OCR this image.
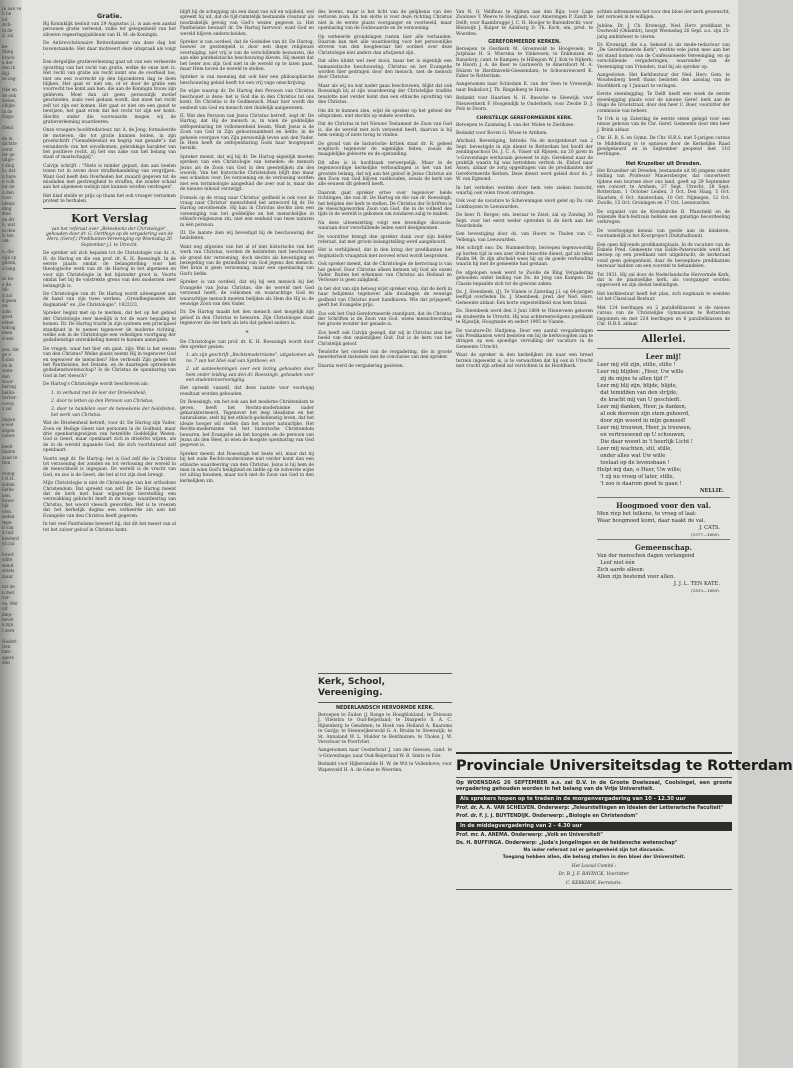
Je aan ve
n be
nd
zich-
in de
d, zal

ke-
rking
krach-
e der
den in
Bijl-
ze zag-

rike en
de ook
zielen,
ollijke
in de
rings-

rbeid

de in
dichtte
cerst
ter ge
uitge-
t dinij
la, dat
n hare
e volk
lar de
n den
voor-
idenis
ding
sten
en dit
h, wat
in den
is ten
om-

n, die
dijk op
gheim,
d lang

ar he-
e de
Mi-
d zal
d geen
en:
zakt
goed
elden
wdrag
enen
d een

zou, dat
ge e
h dan
en in
wete-
den
woor-
bering
hellin-
verber-
voorp
z zal

lingen
e wel
zegen
uaten-

heelt
faiden
zaan te
tien

reinig
t H.H.
zullen
liefde
nen.
huwe-
lijk
elen.
seden
tege-
d van
d tuif
krederd
yn zul

huwd
wilte
wend
zetels
maar

rat de
n met
ver-
en, Wel
uit
diep-
bevel
e zijn
t zere

Nederl
tien
fam-
agers
den
Gratie.

Bij Koninklijk besluit van 29 Augustus j.l. is aan een aantal personen gratie verleend, zulks ter gelegenheid van het zilveren regeeringsjubileum van H. M. de Koningin.

De Antirevolutionaire Rotterdammer van deze dag het bovenstaande. Het daar motiveert deze uitspraak als volgt :

Een dergelijke gratieverleening gaat uit van een verkeerde opvatting van het recht van gratie, welke de onze niet is. Het recht van gratie als recht komt ons de overheid toe, niet om een voorrecht op den bijzonderen dag te doen blijken. Het gaat er niet om, of er door de gratie een voorrecht toe komt aan hen, die aan de Koningin trouw zijn gebleven. Moet dan uit geen persoonlijk motief geschieden, zoals veel gedaan wordt, dan moet het recht zelf tot zijn eer komen. Het gaat er niet om een gunst te bewijzen, het gaat erom dat het recht tot zijn eer komt. Slechts onder die voorwaarde mogen wij de gratieverleening waardeeren.

Onze vroegere hoofdredacteur, mr. A. de Jong, formuleerde de motieven, die tot gratie kunnen leiden, in zijn proefschrift ("Genadebesluit en begrip van genade"): dat veranderde van het onvolkomen, gebrekkige karakter van het positieve recht, zij het ons zake van het belang van staat of maatschappij".

Calvijn schrijft : "Niets is minder gepast, dan aan beelen tonen tot in zeven door strafbehandeling van vergrijpen. Want God heeft den Overheden het zwaard gegeven tot de misdaden met gestrengheid te straffen, die zonder schaal aan het algemeen welzijn niet kunnen worden verdragen".

Het blad stelde er prijs op thans het ook vroeger vernomen protest te herhalen.

Kort Verslag

van het referaat over „Beteekenis der Christologie", gehouden door dr. G. Oorthuys op de vergadering van de Herv. (Geref.) Predikanten-Vereeniging op Woensdag 26 September j.l. te Utrecht.

De spreker wil zich bepalen tot de Christologie van dr. A. H. de Hartog en die van prof. dr. K. H. Roessingh. In de eerste plaats omdat de belangstelling voor het theologische werk van dr. de Hartog in het algemeen en voor zijn Christologie in het bijzonder groot is. Voorts omdat het bij de volstrekte grens van den modernen zeer belangrijk is.

De Christologie van dr. De Hartog wordt uiteengezet aan de hand van zijn twee werken: „Grondbeginselen der dogmatiek" en „De Christologie", 1922/23.

Spreker begint met op te merken, dat het op het gebied der Christologie zeer moeilijk is tot de ware bepaling te komen. Dr. De Hartog tracht in zijn systeem een principieel standpunt in te nemen tegenover de moderne richting, welke ook in de Christologie een volledigen voortgang der godsdienstige ontwikkeling meent te kunnen aanwijzen.

De vragen, waar het hier om gaat, zijn: Wat is het wezen van den Christus? Welke plaats neemt Hij in tegenover God en tegenover de menschen? Hoe verhoudt Zijn geheel tot het Pantheïsme, het Deïsme, en de daartegen optredende godsdienstwetenschap? Is de Christus de openbaring van God in het vleesch?

De Hartog's Christologie wordt beschreven als:

1. in verband met de leer der Drieëenheid;

2. door te letten op den Persoon van Christus;

3. door te handelen over de beteekenis der heilsfeiten, het werk van Christus.

Wat de Drieëenheid betreft, voor dr. De Hartog zijn Vader, Zoon en Heilige Geest niet personen in de Godheid, maar drie openbaringswijzen van hetzelfde Goddelijke Wezen. God is Geest, maar openbaart zich in drieërlei wijzen, als de in de wereld ingaande God, die zich voortdurend zelf openbaart.

Voorts zegt dr. De Hartog: het is God zelf die in Christus tot verzoening der zonden en tot verlossing der wereld in de menschheid is ingegaan. De wereld is de vrucht van God, en zoo is de Geest, die het al tot zijn doel brengt.

Mijn Christologie is niet de Christologie van het orthodoxe Christendom. Dat spreekt van zelf. Dr. De Hartog meent dat de kerk met haar wijsgeerige leerstelling een verzwakking gebracht heeft in de hooge waardeering van Christus, het woord vleesch geworden. Het is te vreezen dat het kerkelijk dogma een verkeerde zin aan het Evangelie van den Christus heeft gegeven.

In het veel Pantheïsme beweert hij, dat dit het meest van al tot het zuiver geloof in Christus komt.

blijft hij de schepping als een daad van wil en wijsheid, wel spreekt hij uit, dat de tijd-ruimtelijk bestaande creatuur als noodzakelijk gevolg van God's wezen gegeven is. Het Pantheïsme bewaart dr. De Hartog hiervoor: want God en wereld blijven onderscheiden.

Spreker is van oordeel, dat de Godsidee van dr. De Hartog, hoewel ze gestempeld is door een diepe religieuze overtuiging, niet vrij is van de verschillende bezwaren, die aan elke pantheïstische beschouwing kleven. Hij meent dat het beter zou zijn God niet in de wereld op te laten gaan, maar Hem boven de wereld te stellen.

Spreker is van meening dat ook hier een philosophische beschouwing geleid heeft tot een vrij vage omschrijving.

De wijze waarop dr. De Hartog den Persoon van Christus beschouwt is deze: het is God die in den Christus tot ons komt. De Christus is de Godmensch. Maar hier wordt die eenheid van God en mensch niet duidelijk aangewezen.

II. Wat den Persoon van Jezus Christus betreft, zegt dr. De Hartog, dat Hij de mensch is, in wien de goddelijke zelfopenbaring tot volkomenheid kwam. Want Jezus is de Zoon van God in Zijn gehoorzaamheid en liefde, in de geheele overgave van Zijn persoonlijk leven aan den Vader. In Hem heeft de zelfopenbaring Gods haar hoogtepunt bereikt.

Spreker meent, dat wij bij dr. De Hartog eigenlijk moeten spreken van een Christologie van beneden: de mensch Jezus als de Zoon van God in den geestelijken zin des woords. Van het historische Christendom blijft dan maar een schaduw over. De verzoening en de verlossing worden met een terminologie aangeduid die zeer oud is, maar die de nieuwe inhoud verzwijgt.

Evenals op de vraag naar Christus' godheid is ook voor de vraag naar Christus' menschheid het antwoord bij dr. De Hartog onvoldoende. Hij kan in Christus slechts zien een vereeniging van het goddelijke en het menschelijke in ethisch-religieuzen zin, niet een eenheid van twee naturen in één persoon.

III. De laatste zien wij bevestigd bij de beschouwing der heilsfeiten.

Want nog afgezien van het al of niet historische van het werk van Christus, worden de heilsfeiten niet beschouwd als grond der verzoening, doch slechts als bevestiging en bezegeling van de gezindheid van God jegens den mensch. Het kruis is geen verzoening, maar een openbaring van God's liefde.

Spreker is van oordeel, dat wij bij een mensch bij het Evangelie van Jezus Christus, die de wereld met God verzoend heeft, de volkomen en waarachtige God en waarachtige mensch moeten belijden als Hem die Hij is: de eeuwige Zoon van den Vader.

Dr. De Hartog maakt het den mensch niet mogelijk zijn geloof in den Christus te bewaren. Zijn Christologie staat tegenover die der kerk als iets dat geheel anders is.

*

De Christologie van prof. dr. K. H. Roessingh wordt door den spreker gezien:

1. als zijn geschrift „Rechtsmodernisme", uitgekomen als no. 7 van het Ideë oud van Synthese; en

2. uit aanteekeningen over een lezing gehouden door hem onder leiding van den dr. Roessingh, gehouden voor een studentenvereeniging.

Het spreekt vanzelf, dat deze laatste voor voorlopig resultaat worden gehouden.

Dr. Roessingh, om het ook aan het moderne Christendom te geven, heeft het Rechts-modernisme nader gekarakteriseerd. Tegenover het leeg idealisme en het naturalisme, stelt hij het ethisch-godsdienstig leven, dat het ideale hooger wil stellen dan het louter natuurlijke. Het Rechts-modernisme wil het historische Christendom bewaren, het Evangelie als het hoogste, en de persoon van Jezus als den Heer, in wien de hoogste openbaring van God gegeven is.

Spreker meent, dat Roessingh het beste wil, maar dat hij bij het oude Rechts-modernisme niet verder komt dan een ethische waardeering van den Christus. Jezus is bij hem de man in wien God's heiligheid en liefde op de zuiverste wijze tot uiting kwamen, maar toch niet de Zoon van God in den kerkelijken zin.

des levens, maar is het licht van de gelijkenis van den verloren zoon. En ten slotte is voor deze richting Christus niet in de eerste plaats voorganger en voorbeeld, maar openbaring van de Godswaarde en de verzoening.

Op verkeerde grondslagen rusten hier alle verbanden. Daarom kan met alle waardeering voor het persoonlijke streven van den hoogleeraar het oordeel over deze Christologie niet anders dan afwijzend zijn.

Dat alles klinkt wel zeer mooi, maar het is eigenlijk een humanistische beschouwing. Christus en het Evangelie worden hier gedragen door den mensch, niet de mensch door Christus.

Maar als wij nu wat nader gaan beschouwen, blijkt dat ook Roessingh bij al zijn waardeering der Christelijke traditie tenslotte niet verder komt dan een ethische opvatting van den Christus.

Om dit te kunnen zien, wijst de spreker op het geheel der uitspraken, niet slechts op enkele woorden.

Dat de Christus in het Nieuwe Testament de Zoon van God is, die de wereld met zich verzoend heeft, daarvan is bij hem weinig of niets terug te vinden.

De grond van de historische kritiek staat dr. R. geheel sceptisch tegenover de eigenlijke feiten, zooals de maagdelijke geboorte en de opstanding.

Dit alles is in hoofdzaak verwerpelijk. Maar in de tegenwoordige kerkelijke verhoudingen is het van het grootste belang, dat wij aan het geloof in Jezus Christus als den Zoon van God blijven vasthouden, zooals de kerk van alle eeuwen dit geleerd heeft.

Daarom gaat spreker ertoe over tegenover beide richtingen, die van dr. De Hartog en die van dr. Roessingh, het belijden der kerk te stellen. De Christus der Schriften is de vleeschgeworden Zoon van God, die in de volheid des tijds in de wereld is gekomen om zondaren zalig te maken.

Na deze uiteenzetting volgt een levendige discussie, waaraan door verschillende leden werd deelgenomen.

De voorzitter brengt den spreker dank voor zijn helder referaat, dat met groote belangstelling werd aangehoord.

Het is verblijdend, dat in den kring der predikanten het dogmatisch vraagstuk met zooveel ernst wordt besproken.

Ook spreker meent, dat de Christologie de kernvraag is van het geloof. Door Christus alleen kennen wij God als onzen Vader. Buiten het erkennen van Christus als Heiland en Verlosser is geen zaligheid.

In het slot van zijn betoog wijst spreker erop, dat de kerk in haar belijdenis tegenover alle dwalingen de eeuwige godheid van Christus moet handhaven. Wie dat prijsgeeft, geeft het Evangelie prijs.

Zoo ook het Oud-Gereformeerde standpunt, dat de Christus der Schriften is de Zoon van God, wiens menschwording het groote wonder der genade is.

Zoo heeft ook Calvijn gezegd, dat wij in Christus zien het beeld van den onzienlijken God. Dat is de kern van het Christelijk geloof.

Tenslotte het oordeel van de vergadering, die in groote meerderheid instemde met de conclusies van den spreker.

Daarna werd de vergadering gesloten.

Kerk, School, Vereeniging.
NEDERLANDSCH HERVORMDE KERK.

Beroepen te Zuilen (J. Ronge te Hoogblokland; te Driesum J. Vlietstra te Oud-Beijerland; te Dinxperlo S. A. C. Rijnenberg te Gendeten; te Hoek van Holland A. Baarsma te Garijp; te Steenwijkerwold G. A. Bruins te Steenwijk; te St. Annaland W. L. Mulder te Benthuizen; te Tholen J. W. Verschoor te Poortvliet.

Aangenomen naar Oosterhout J. van der Giessen, cand. te 's-Gravenhage; naar Oud-Beijerland W. B. Smits te Ede.

Bedankt voor Hijkersmilde H. W. de Wit te Vollenhove; voor Wapenveld H. A. de Geus te Woerden.

Van N. O. Veldhuis te Alphen aan den Rijn; voor Lage Zwaluwe T. Weeve te Hoogland; voor Amerongen P. Zandt te Delft; voor Baambrugge J. C. H. Hooijer te Barendrecht; voor Bleiswijk J. Kuiper te Aalsburg D. Th. Koch, em. pred. te Woerden.

GEREFORMEERDE KERKEN.

Beroepen te Oostkerk M. Groenwold te Hoogeveen; te Jutphaas H. S. Wiersma te Vinkeveen; te Enkhuizen en Ransdorp, cand. te Kampen; te Hillegom W. J. Kok te Nijkerk; te Hoorn J. A. de Boer te Garnwerd; te Amersfoort M. A. Huizen te Hardinxveld-Giessendam; te Schoonrewoerd K. Faber te Rotterdam.

Aangenomen naar Schiedam K. van der Veen te Vreeswijk; naar Buiksloot J. Th. Ringelberg te Haren.

Bedankt voor Haarlem N. H. Bussche te Sleewijk; voor Nieuwerkerk F. Hoogendijk te Ouderkerk; voor Zwolle D. J. Pols te Doorn.

CHRISTELIJK GEREFORMEERDE KERK.

Beroepen te Zaamslag S. van der Molen te Zierikzee.

Bedankt voor Boven G. Wisse te Arnhem.

Afscheid, Bevestiging, Intrede. Na de morgenbeurt van 2 Sept. bevestigde in zijn dienst te Rotterdam het hoofd der zendingsschool Ds. J. C. A. Visser uit Rijssen, na 20 jaren in 's-Gravenhage werkzaam geweest te zijn. Gerekend naar de praktijk waarin hij was betrokken vertrok ds. Elshof naar Assen, aldaar de zorg opgedragen van de predikanten der Gereformeerde Kerken. Deze dienst werd geleid door ds. J. W. van Egmond.

In het verleden werden door hem vele zieken bezocht, waarbij ook velen troost ontvingen.

Ook voor de vacature te Scheveningen werd gelet op Ds. van Lonkhuyzen te Leeuwarden.

De heer D. Berger, em. leeraar te Zeist, zal op Zondag 30 Sept. voor het eerst weder optreden in de kerk aan het Noordeinde.

Een bevestiging door ds. van Hoorn te Tholen van C. Vellenga, van Leeuwarden.

Met schrijft ons: Ds. Nummerdorp, beroepen tegenwoordig op korten tijd in een zeer druk bezochte dienst, gaf als tekst Psalm 84. In zijn afscheid wees hij op de goede verhouding waarin hij met de gemeente had gestaan.

De afgelopen week werd te Zwolle de Ring Vergadering gehouden onder leiding van Ds. de Jong van Kampen. De Classis bepaalde zich tot de gewone zaken.

Ds. J. Steenbeek, (J). Te Vianen is Zaterdag j.l. op 64-jarigen leeftijd overleden Ds. J. Steenbeek, pred. der Ned. Herv. Gemeente aldaar. Een korte ongesteldheid was hem fataal.

Ds. Steenbeek werd den 3 Juni 1864 te Nieuwveen geboren en studeerde te Utrecht. Hij was achtereenvolgens predikant te Rijswijk, Hoogmade en sedert 1905 te Vianen.

De vacature-Dr. Haitjema. Door een aantal vergaderingen van Predikanten werd besloten om bij de kerkvoogden aan te dringen op een spoedige vervulling der vacature in de Gemeente Utrecht.

Waar de spreker in den kerkelijken zin naar een breed terrein ingewerkt is, is te verwachten dat hij ook in Utrecht met vrucht zijn arbeid zal verrichten in de Hoofdkerk.

achten adressanten het voor den bloei der kerk gewenscht, het verzoek in te willigen.

Jubilea. Dr. J. Ch. Kromsigt, Ned. Herv. predikant te Oostwold (Oldambt), hoopt Woensdag 26 Sept. a.s. zijn 25-jarig ambtsfeest te vieren.

Dr. Kromsigt, die o.a. bekend is als mede-redacteur van „De Gereformeerde Kerk", werkte vele jaren mee aan het tot stand komen van de Confessioneele Vereeniging, en op verschillende vergaderingen, waaronder van de Vereeniging van Vrienden, trad hij als spreker op.

Aangesloten. Het Kerkbestuur der Ned. Herv. Gem. te Woudenberg heeft thans besloten den aanslag van de Hoofdkerk op 1 Januari te verlagen.

Eerste steenlegging. Te Delft heeft een week de eerste steenlegging plaats voor de nieuwe Geref. kerk aan de Hugo de Grootstraat, door den heer C. Boer, voorzitter der commissie van beheer.

Te Urk is op Zaterdag de eerste steen gelegd voor een nieuw gebouw van de Chr. Geref. Gemeente door den heer J. Brink aldaar.

Chr. H. B. S. en Gymn. De Chr. H.B.S. met 5-jarigen cursus te Middelburg is te opnieuw door de Kerkelijke Raad goedgekeurd en in September geopend met 110 leerlingen.

Het Kruzeiber uit Dresden.

Het Kruzeiber uit Dresden, bestaande uit 80 jongens onder leiding van Professor Mauersberger, dat concerteert tijdens een tournee door ons land, geeft op 29 September een concert te Arnhem, 27 Sept. Utrecht, 28 Sept. Rotterdam, 1 October Leiden, 3 Oct. Den Haag, 5 Oct. Haarlem, 6 Oct. Amsterdam, 10 Oct. Nijmegen, 12 Oct. Zwolle, 15 Oct. Groningen en 17 Oct. Leeuwarden.

De organist van de Kreuzkirche B. Pfanstiehl en de reizende Bach-festivals hebben een gunstige beoordeeling verkregen.

De voorloopige kennis van goede aan de kinderen, voornamelijk is het Koorproject (Dultzhalbund).

Een open blijvende predikantsplaats. In de vacature van de Enkele Pred. Gemeente van Eelde-Paterswolde werd het beroep op een predikant niet uitgebracht, de kerkeraad vond geen gelegenheid, daar de beroepbare predikanten bezwaar hadden om een voorstel te behandelen.

Tot 1931. Hij zal door de Nederlandsche Hervormde Kerk, dat is de plaatselijke kerk, als voorganger worden opgevoerd en zijn dienst beëindigen.

Het kerkbestuur heeft het plan, zich nogmaals te wenden tot het Classicaal Bestuur.

Met 124 leerlingen en 2 parallelklassen is de nieuwe cursus van de Christelijke Gymnasium te Rotterdam begonnen en met 224 leerlingen en 6 parallelklassen de Chr. H.B.S. aldaar.

Allerlei.
Leer mij!
Leer mij stil zijn, stille, stille !
Leer mij blijden: „Heer, Uw wille
zij de mijne te allen tijd !"
Leer mij blij zijn, blijde, blijde,
dat temidden van den strijde,
de kracht mij van U geschiedt.
Leer mij danken, Heer, ja danken,
al ook dooreen zijn stem gehoord,
door zijn woord in mijn gemoed!
Leer mij trouwen, Heer, ja trouwen,
en vertrouwend op U schouwen,
Die daar woont in 't heerlijk Licht !
Leer mij wachten, stil, stille,
onder alles wat Uw wille
toelaat op de levensbaan !
Helpt mij dan, o Heer, Uw wille;
't zij nu vroeg of later, stille,
't zoo is daarom goed te gaan !
NELLIE.
Hoogmoed voor den val.
Men riep het telkens, te vroeg of laat:
Waar hoogmoed komt, daar naakt de val.
J. CATS.
(1577—1660).
Gemeenschap.
Van der menschen dagen verlangend
Leef niet één
Zich aarde alleen:
Allen zijn bestemd voor allen.
J. J. L. TEN KATE.
(1819—1889).
Provinciale Universiteitsdag te Rotterdam

Op WOENSDAG 26 SEPTEMBER a.s. zal D.V. in de Groote Doelezaal, Coolsingel, een groote vergadering gehouden worden in het belang van de Vrije Universiteit.

Als sprekers hopen op te treden in de morgenvergadering van 10 - 12.30 uur
Prof. dr. A. A. VAN SCHELVEN. Onderwerp: „Teleurstellingen en Idealen der Letterarische Faculteit"
Prof. dr. F. J. J. BUYTENDIJK. Onderwerp: „Biologie en Christendom"
In de middagvergadering van 2 - 4.30 uur
Prof. mr. A. ANEMA. Onderwerp: „Volk en Universiteit"
Ds. H. BUFFINGA. Onderwerp: „Juda's Jongelingen en de heidensche wetenschap"
Na ieder referaat zal er gelegenheid zijn tot discussie.
Toegang hebben allen, die belang stellen in den bloei der Universiteit.
Het Locaal Comité :
Dr. B. J. F. BAVINCK, Voorzitter.
C. KERKHOF, Secretaris.
